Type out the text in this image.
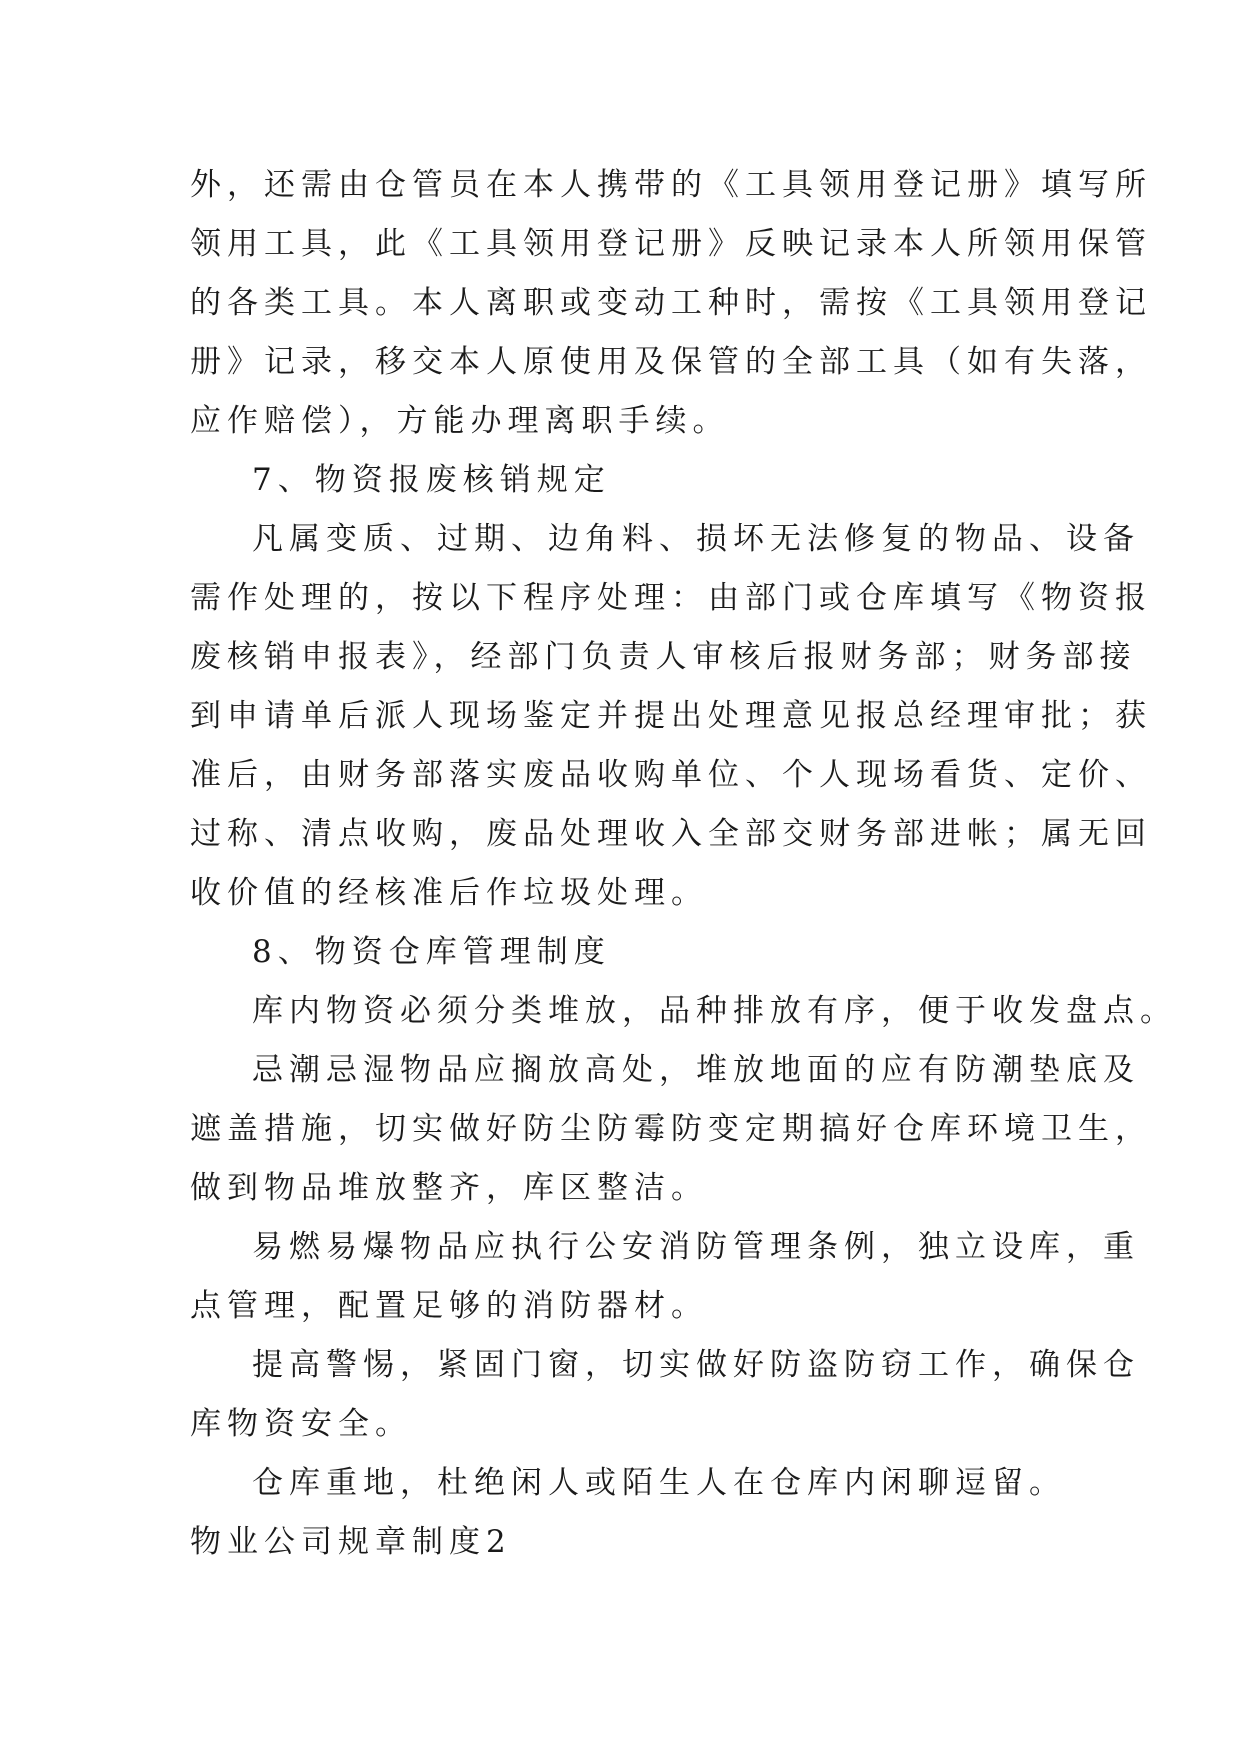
外，还需由仓管员在本人携带的《工具领用登记册》填写所
领用工具，此《工具领用登记册》反映记录本人所领用保管
的各类工具。本人离职或变动工种时，需按《工具领用登记
册》记录，移交本人原使用及保管的全部工具（如有失落，
应作赔偿），方能办理离职手续。

7、物资报废核销规定

凡属变质、过期、边角料、损坏无法修复的物品、设备
需作处理的，按以下程序处理：由部门或仓库填写《物资报
废核销申报表》，经部门负责人审核后报财务部；财务部接
到申请单后派人现场鉴定并提出处理意见报总经理审批；获
准后，由财务部落实废品收购单位、个人现场看货、定价、
过称、清点收购，废品处理收入全部交财务部进帐；属无回
收价值的经核准后作垃圾处理。

8、物资仓库管理制度

库内物资必须分类堆放，品种排放有序，便于收发盘点。

忌潮忌湿物品应搁放高处，堆放地面的应有防潮垫底及
遮盖措施，切实做好防尘防霉防变定期搞好仓库环境卫生，
做到物品堆放整齐，库区整洁。

易燃易爆物品应执行公安消防管理条例，独立设库，重
点管理，配置足够的消防器材。

提高警惕，紧固门窗，切实做好防盗防窃工作，确保仓
库物资安全。

仓库重地，杜绝闲人或陌生人在仓库内闲聊逗留。

物业公司规章制度2
